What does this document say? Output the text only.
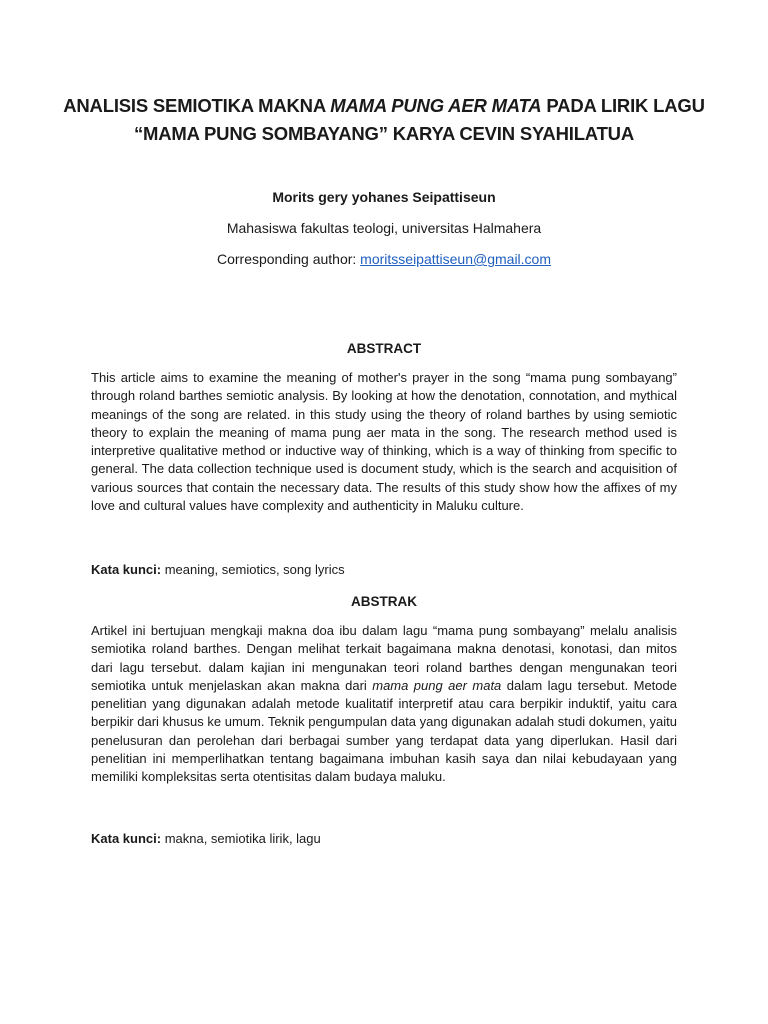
ANALISIS SEMIOTIKA MAKNA MAMA PUNG AER MATA PADA LIRIK LAGU “MAMA PUNG SOMBAYANG” KARYA CEVIN SYAHILATUA
Morits gery yohanes Seipattiseun
Mahasiswa fakultas teologi, universitas Halmahera
Corresponding author: moritsseipattiseun@gmail.com
ABSTRACT
This article aims to examine the meaning of mother's prayer in the song “mama pung sombayang” through roland barthes semiotic analysis. By looking at how the denotation, connotation, and mythical meanings of the song are related. in this study using the theory of roland barthes by using semiotic theory to explain the meaning of mama pung aer mata in the song. The research method used is interpretive qualitative method or inductive way of thinking, which is a way of thinking from specific to general. The data collection technique used is document study, which is the search and acquisition of various sources that contain the necessary data. The results of this study show how the affixes of my love and cultural values have complexity and authenticity in Maluku culture.
Kata kunci: meaning, semiotics, song lyrics
ABSTRAK
Artikel ini bertujuan mengkaji makna doa ibu dalam lagu “mama pung sombayang” melalu analisis semiotika roland barthes. Dengan melihat terkait bagaimana makna denotasi, konotasi, dan mitos dari lagu tersebut. dalam kajian ini mengunakan teori roland barthes dengan mengunakan teori semiotika untuk menjelaskan akan makna dari mama pung aer mata dalam lagu tersebut. Metode penelitian yang digunakan adalah metode kualitatif interpretif atau cara berpikir induktif, yaitu cara berpikir dari khusus ke umum. Teknik pengumpulan data yang digunakan adalah studi dokumen, yaitu penelusuran dan perolehan dari berbagai sumber yang terdapat data yang diperlukan. Hasil dari penelitian ini memperlihatkan tentang bagaimana imbuhan kasih saya dan nilai kebudayaan yang memiliki kompleksitas serta otentisitas dalam budaya maluku.
Kata kunci: makna, semiotika lirik, lagu
